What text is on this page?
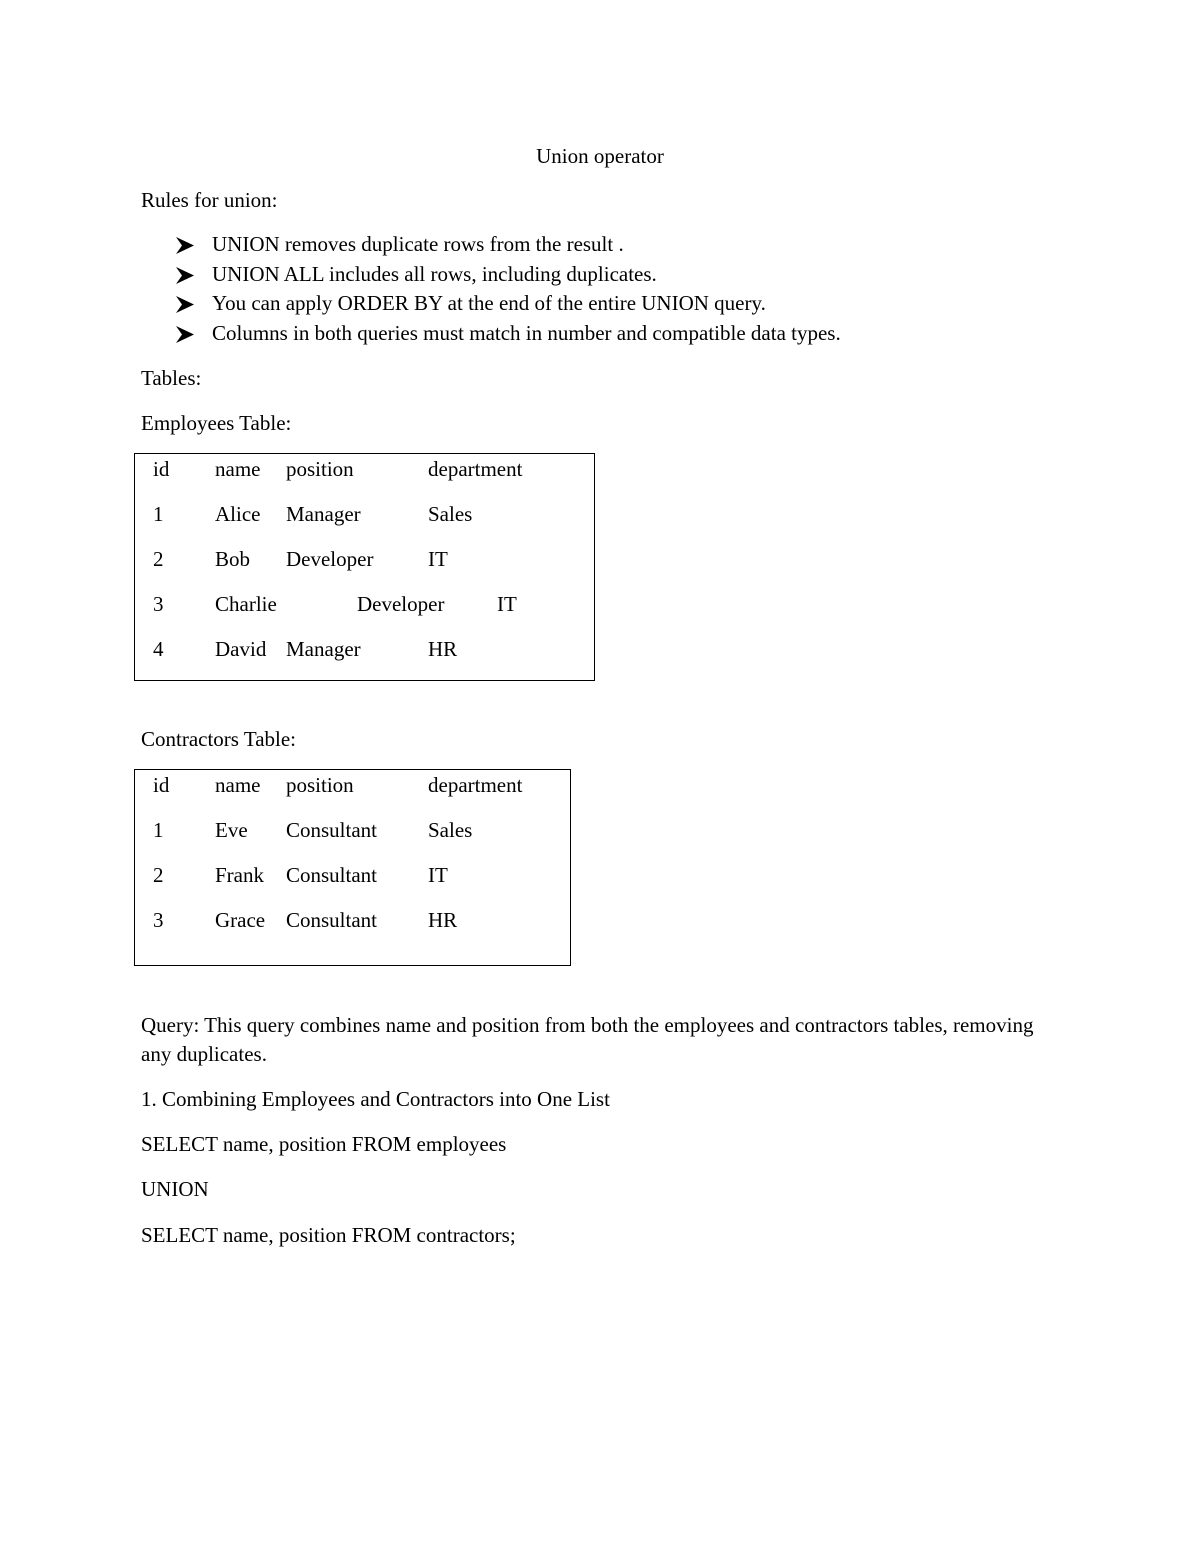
Union operator
Rules for union:
UNION removes duplicate rows from the result .
UNION ALL includes all rows, including duplicates.
You can apply ORDER BY at the end of the entire UNION query.
Columns in both queries must match in number and compatible data types.
Tables:
Employees Table:
id name position	department
1 Alice Manager	Sales
2 Bob Developer	IT
3 Charlie	Developer	IT
4 David Manager	HR
Contractors Table:
id name position	department
1 Eve Consultant Sales
2 Frank Consultant IT
3 Grace Consultant HR
Query: This query combines name and position from both the employees and contractors tables, removing any duplicates.
1. Combining Employees and Contractors into One List
SELECT name, position FROM employees
UNION
SELECT name, position FROM contractors;
